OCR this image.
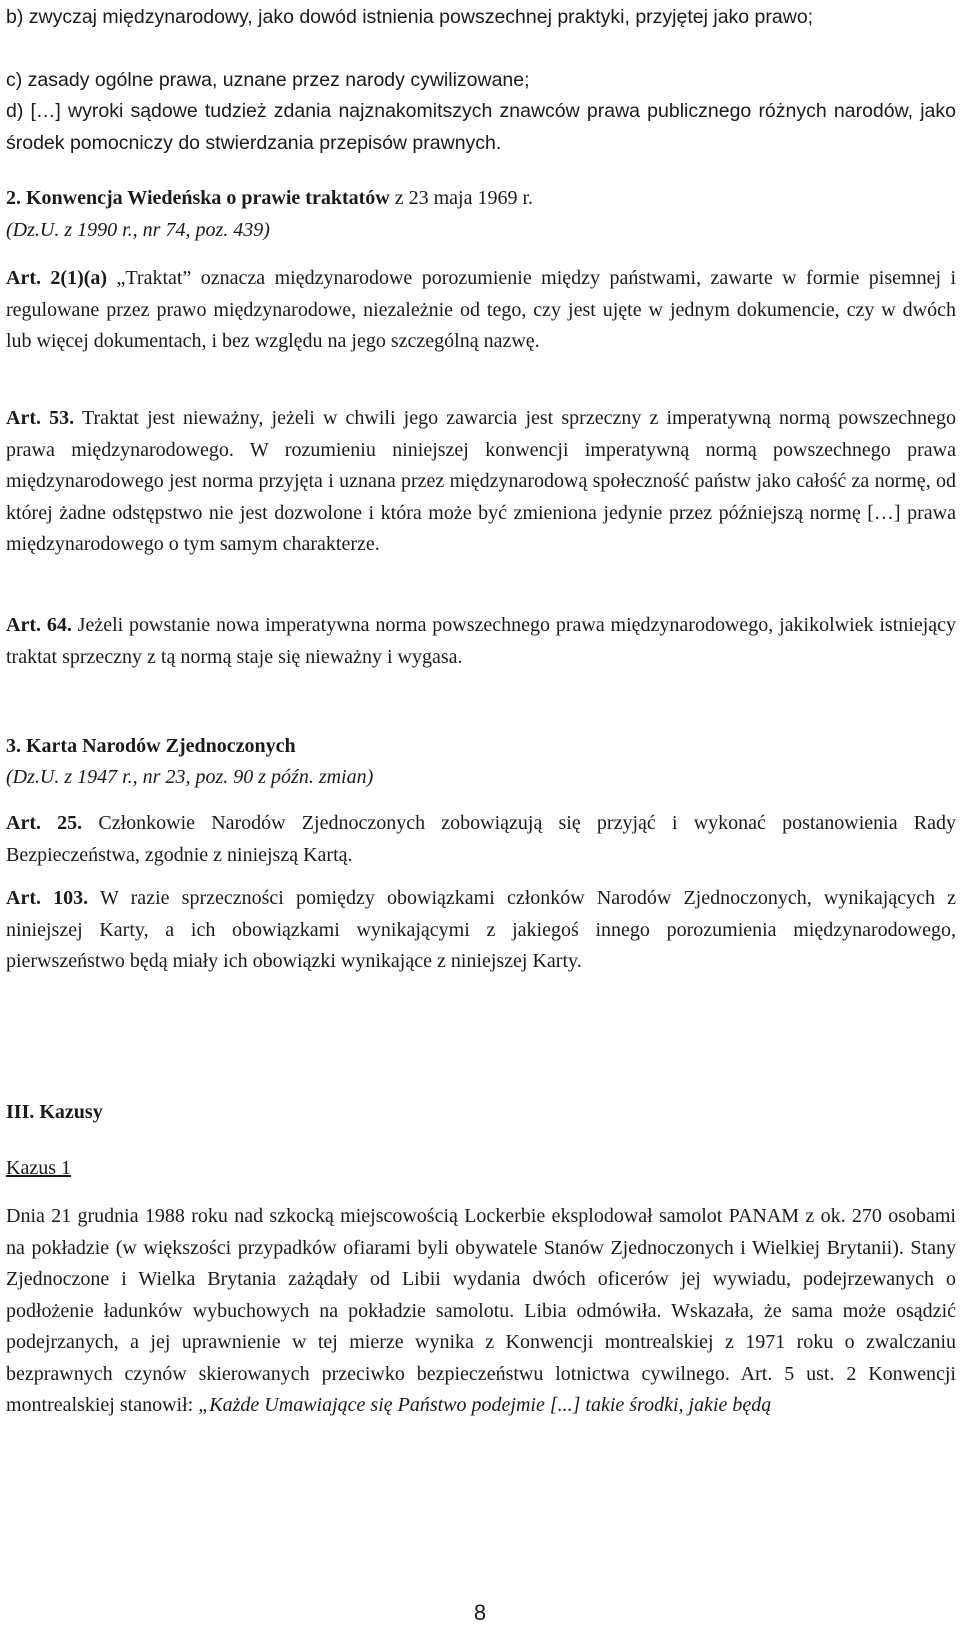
b) zwyczaj międzynarodowy, jako dowód istnienia powszechnej praktyki, przyjętej jako prawo;

c) zasady ogólne prawa, uznane przez narody cywilizowane;

d) […] wyroki sądowe tudzież zdania najznakomitszych znawców prawa publicznego różnych narodów, jako środek pomocniczy do stwierdzania przepisów prawnych.

2. Konwencja Wiedeńska o prawie traktatów z 23 maja 1969 r.

(Dz.U. z 1990 r., nr 74, poz. 439)

Art. 2(1)(a) „Traktat” oznacza międzynarodowe porozumienie między państwami, zawarte w formie pisemnej i regulowane przez prawo międzynarodowe, niezależnie od tego, czy jest ujęte w jednym dokumencie, czy w dwóch lub więcej dokumentach, i bez względu na jego szczególną nazwę.

Art. 53. Traktat jest nieważny, jeżeli w chwili jego zawarcia jest sprzeczny z imperatywną normą powszechnego prawa międzynarodowego. W rozumieniu niniejszej konwencji imperatywną normą powszechnego prawa międzynarodowego jest norma przyjęta i uznana przez międzynarodową społeczność państw jako całość za normę, od której żadne odstępstwo nie jest dozwolone i która może być zmieniona jedynie przez późniejszą normę […] prawa międzynarodowego o tym samym charakterze.

Art. 64. Jeżeli powstanie nowa imperatywna norma powszechnego prawa międzynarodowego, jakikolwiek istniejący traktat sprzeczny z tą normą staje się nieważny i wygasa.

3. Karta Narodów Zjednoczonych

(Dz.U. z 1947 r., nr 23, poz. 90 z późn. zmian)

Art. 25. Członkowie Narodów Zjednoczonych zobowiązują się przyjąć i wykonać postanowienia Rady Bezpieczeństwa, zgodnie z niniejszą Kartą.

Art. 103. W razie sprzeczności pomiędzy obowiązkami członków Narodów Zjednoczonych, wynikających z niniejszej Karty, a ich obowiązkami wynikającymi z jakiegoś innego porozumienia międzynarodowego, pierwszeństwo będą miały ich obowiązki wynikające z niniejszej Karty.

III. Kazusy

Kazus 1

Dnia 21 grudnia 1988 roku nad szkocką miejscowością Lockerbie eksplodował samolot PANAM z ok. 270 osobami na pokładzie (w większości przypadków ofiarami byli obywatele Stanów Zjednoczonych i Wielkiej Brytanii). Stany Zjednoczone i Wielka Brytania zażądały od Libii wydania dwóch oficerów jej wywiadu, podejrzewanych o podłożenie ładunków wybuchowych na pokładzie samolotu. Libia odmówiła. Wskazała, że sama może osądzić podejrzanych, a jej uprawnienie w tej mierze wynika z Konwencji montrealskiej z 1971 roku o zwalczaniu bezprawnych czynów skierowanych przeciwko bezpieczeństwu lotnictwa cywilnego. Art. 5 ust. 2 Konwencji montrealskiej stanowił: „Każde Umawiające się Państwo podejmie [...] takie środki, jakie będą

8
